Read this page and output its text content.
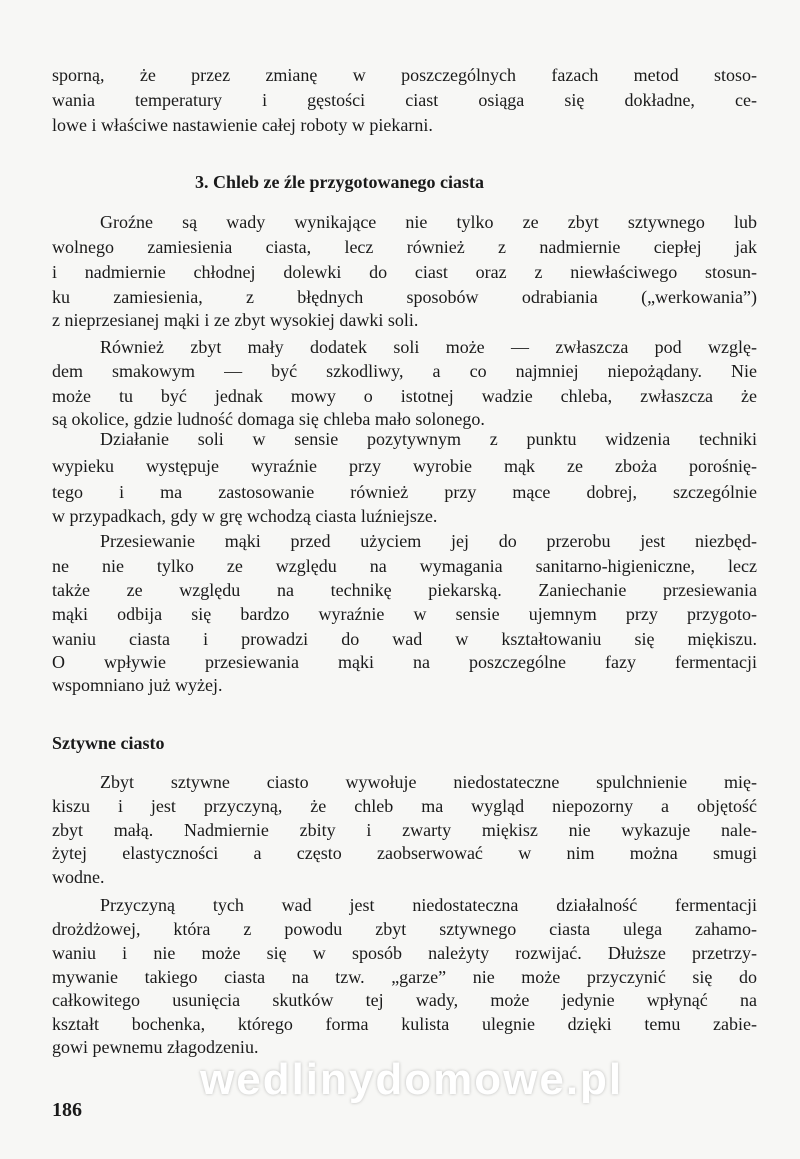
sporną, że przez zmianę w poszczególnych fazach metod stoso-
wania temperatury i gęstości ciast osiąga się dokładne, ce-
lowe i właściwe nastawienie całej roboty w piekarni.
3. Chleb ze źle przygotowanego ciasta
Groźne są wady wynikające nie tylko ze zbyt sztywnego lub
wolnego zamiesienia ciasta, lecz również z nadmiernie ciepłej jak
i nadmiernie chłodnej dolewki do ciast oraz z niewłaściwego stosun-
ku zamiesienia, z błędnych sposobów odrabiania („werkowania”)
z nieprzesianej mąki i ze zbyt wysokiej dawki soli.
Również zbyt mały dodatek soli może — zwłaszcza pod wzglę-
dem smakowym — być szkodliwy, a co najmniej niepożądany. Nie
może tu być jednak mowy o istotnej wadzie chleba, zwłaszcza że
są okolice, gdzie ludność domaga się chleba mało solonego.
Działanie soli w sensie pozytywnym z punktu widzenia techniki
wypieku występuje wyraźnie przy wyrobie mąk ze zboża porośnię-
tego i ma zastosowanie również przy mące dobrej, szczególnie
w przypadkach, gdy w grę wchodzą ciasta luźniejsze.
Przesiewanie mąki przed użyciem jej do przerobu jest niezbęd-
ne nie tylko ze względu na wymagania sanitarno-higieniczne, lecz
także ze względu na technikę piekarską. Zaniechanie przesiewania
mąki odbija się bardzo wyraźnie w sensie ujemnym przy przygoto-
waniu ciasta i prowadzi do wad w kształtowaniu się miękiszu.
O wpływie przesiewania mąki na poszczególne fazy fermentacji
wspomniano już wyżej.
Sztywne ciasto
Zbyt sztywne ciasto wywołuje niedostateczne spulchnienie mię-
kiszu i jest przyczyną, że chleb ma wygląd niepozorny a objętość
zbyt małą. Nadmiernie zbity i zwarty miękisz nie wykazuje nale-
żytej elastyczności a często zaobserwować w nim można smugi
wodne.
Przyczyną tych wad jest niedostateczna działalność fermentacji
drożdżowej, która z powodu zbyt sztywnego ciasta ulega zahamo-
waniu i nie może się w sposób należyty rozwijać. Dłuższe przetrzy-
mywanie takiego ciasta na tzw. „garze” nie może przyczynić się do
całkowitego usunięcia skutków tej wady, może jedynie wpłynąć na
kształt bochenka, którego forma kulista ulegnie dzięki temu zabie-
gowi pewnemu złagodzeniu.
wedlinydomowe.pl
186
